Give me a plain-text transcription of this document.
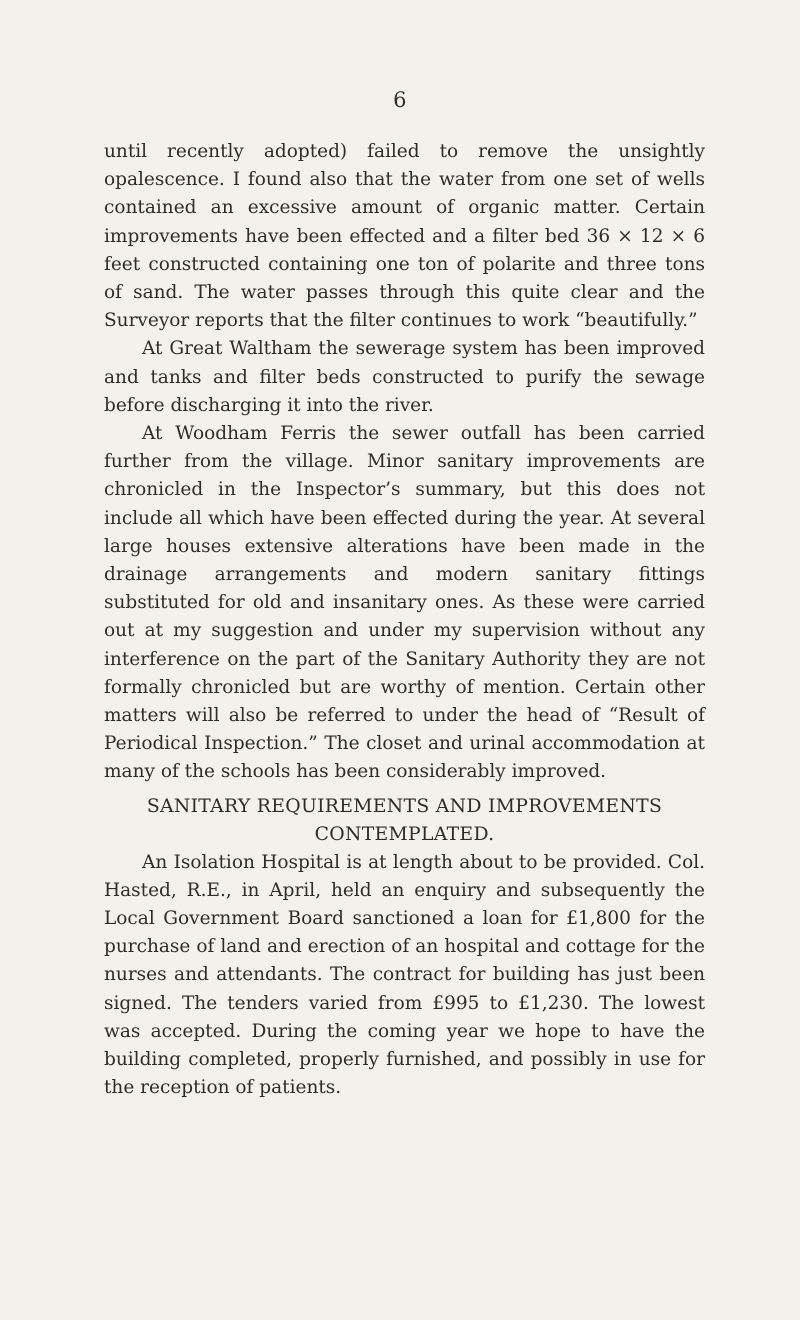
6

until recently adopted) failed to remove the unsightly opalescence. I found also that the water from one set of wells contained an excessive amount of organic matter. Certain improvements have been effected and a filter bed 36 × 12 × 6 feet constructed containing one ton of polarite and three tons of sand. The water passes through this quite clear and the Surveyor reports that the filter continues to work “beautifully.”

At Great Waltham the sewerage system has been improved and tanks and filter beds constructed to purify the sewage before discharging it into the river.

At Woodham Ferris the sewer outfall has been carried further from the village. Minor sanitary improvements are chronicled in the Inspector’s summary, but this does not include all which have been effected during the year. At several large houses extensive alterations have been made in the drainage arrangements and modern sanitary fittings substituted for old and insanitary ones. As these were carried out at my suggestion and under my supervision without any interference on the part of the Sanitary Authority they are not formally chronicled but are worthy of mention. Certain other matters will also be referred to under the head of “Result of Periodical Inspection.” The closet and urinal accommodation at many of the schools has been considerably improved.

SANITARY REQUIREMENTS AND IMPROVEMENTS
CONTEMPLATED.

An Isolation Hospital is at length about to be provided. Col. Hasted, R.E., in April, held an enquiry and subsequently the Local Government Board sanctioned a loan for £1,800 for the purchase of land and erection of an hospital and cottage for the nurses and attendants. The contract for building has just been signed. The tenders varied from £995 to £1,230. The lowest was accepted. During the coming year we hope to have the building completed, properly furnished, and possibly in use for the reception of patients.
